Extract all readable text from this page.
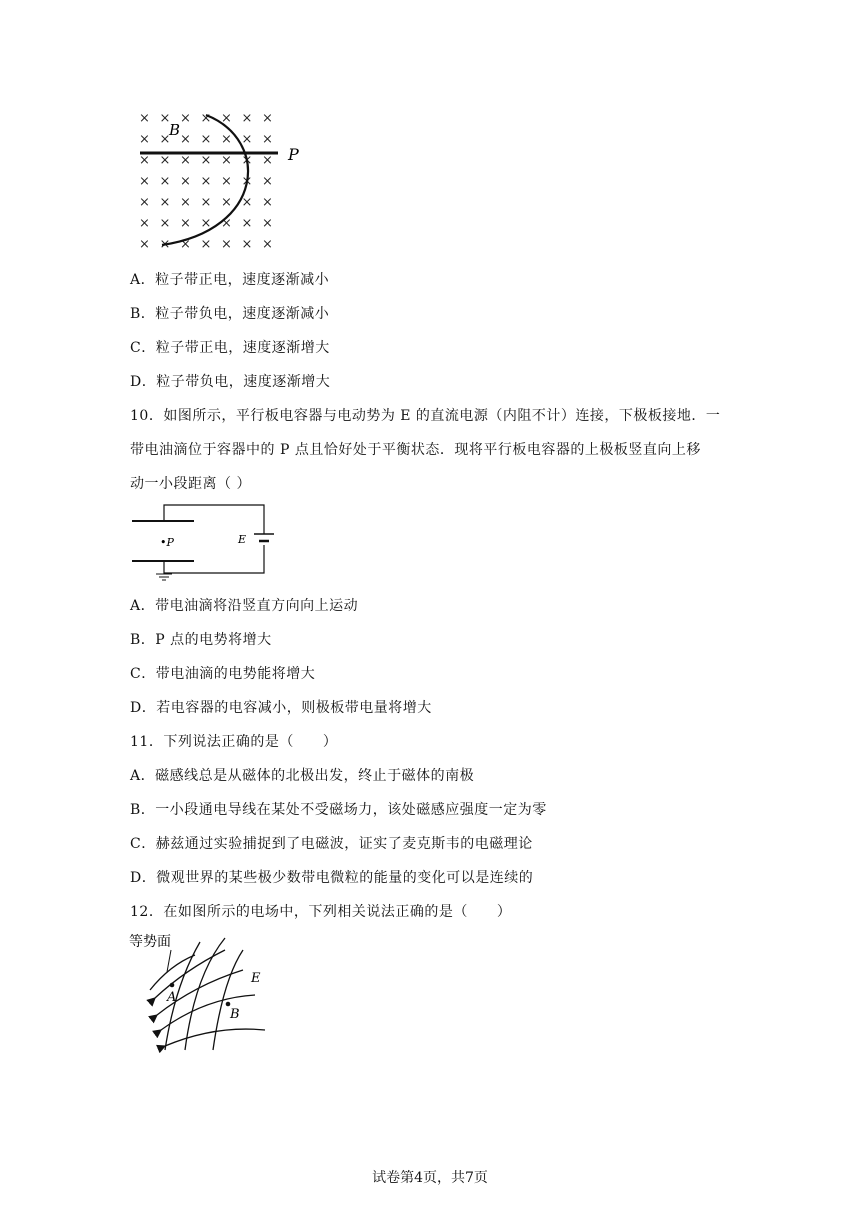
× × × × × × ×
× × × × × × ×
× × × × × × ×
× × × × × × ×
× × × × × × ×
× × × × × × ×
× × × × × × ×
B
P
A．粒子带正电，速度逐渐减小
B．粒子带负电，速度逐渐减小
C．粒子带正电，速度逐渐增大
D．粒子带负电，速度逐渐增大
10．如图所示，平行板电容器与电动势为 E 的直流电源（内阻不计）连接，下极板接地．一
带电油滴位于容器中的 P 点且恰好处于平衡状态．现将平行板电容器的上极板竖直向上移
动一小段距离（ ）
•P	E
A．带电油滴将沿竖直方向向上运动
B．P 点的电势将增大
C．带电油滴的电势能将增大
D．若电容器的电容减小，则极板带电量将增大
11．下列说法正确的是（　　）
A．磁感线总是从磁体的北极出发，终止于磁体的南极
B．一小段通电导线在某处不受磁场力，该处磁感应强度一定为零
C．赫兹通过实验捕捉到了电磁波，证实了麦克斯韦的电磁理论
D．微观世界的某些极少数带电微粒的能量的变化可以是连续的
12．在如图所示的电场中，下列相关说法正确的是（　　）
等势面
A
B
E
试卷第4页，共7页
